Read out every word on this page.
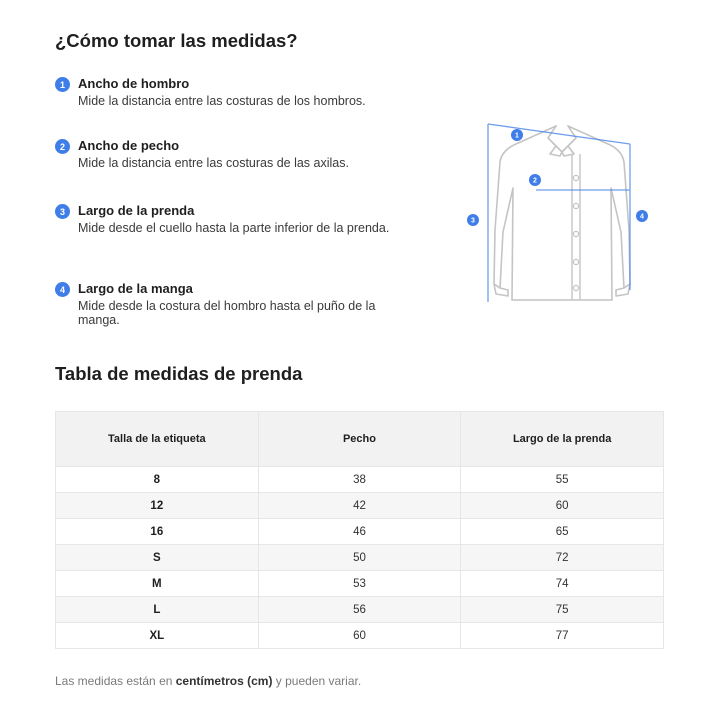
¿Cómo tomar las medidas?
1	Ancho de hombro
Mide la distancia entre las costuras de los hombros.
2	Ancho de pecho
Mide la distancia entre las costuras de las axilas.
3	Largo de la prenda
Mide desde el cuello hasta la parte inferior de la prenda.
4	Largo de la manga
Mide desde la costura del hombro hasta el puño de la manga.
1
2
3
4
Tabla de medidas de prenda
Talla de la etiqueta	Pecho	Largo de la prenda
8	38	55
12	42	60
16	46	65
S	50	72
M	53	74
L	56	75
XL	60	77
Las medidas están en centímetros (cm) y pueden variar.
